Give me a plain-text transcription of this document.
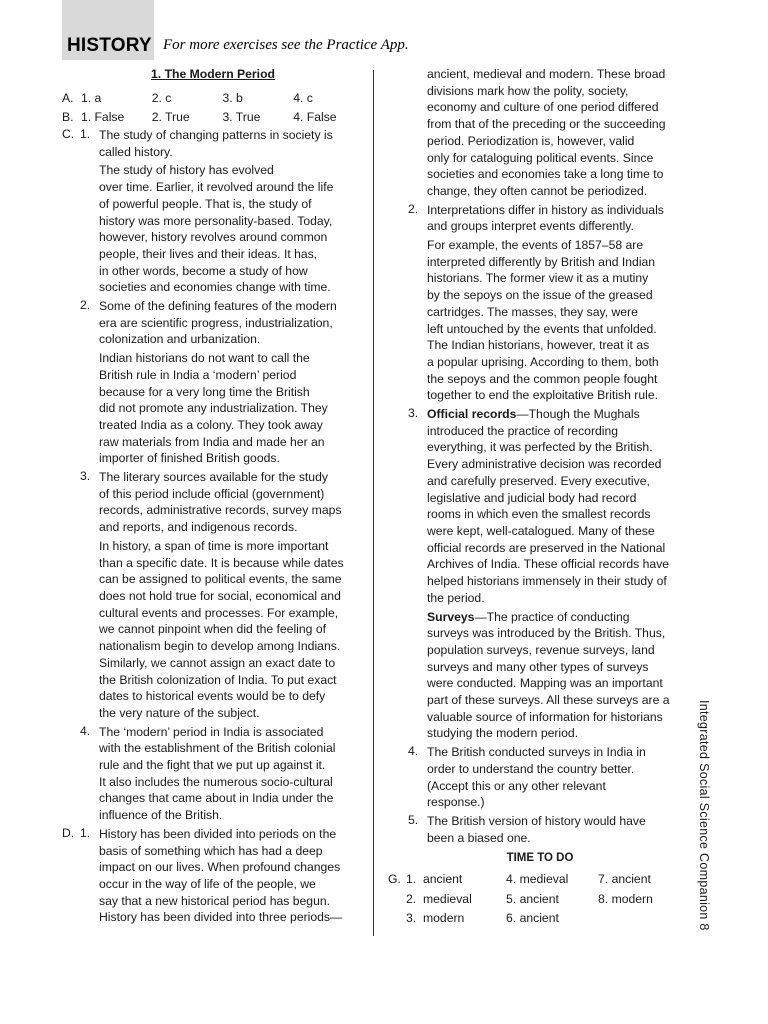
HISTORY For more exercises see the Practice App.
1. The Modern Period
A. 1. a	2. c	3. b	4. c
B. 1. False	2. True	3. True	4. False
C. 1. The study of changing patterns in society is
called history.
The study of history has evolved
over time. Earlier, it revolved around the life
of powerful people. That is, the study of
history was more personality-based. Today,
however, history revolves around common
people, their lives and their ideas. It has,
in other words, become a study of how
societies and economies change with time.
2. Some of the defining features of the modern
era are scientific progress, industrialization,
colonization and urbanization.
Indian historians do not want to call the
British rule in India a ‘modern’ period
because for a very long time the British
did not promote any industrialization. They
treated India as a colony. They took away
raw materials from India and made her an
importer of finished British goods.
3. The literary sources available for the study
of this period include official (government)
records, administrative records, survey maps
and reports, and indigenous records.
In history, a span of time is more important
than a specific date. It is because while dates
can be assigned to political events, the same
does not hold true for social, economical and
cultural events and processes. For example,
we cannot pinpoint when did the feeling of
nationalism begin to develop among Indians.
Similarly, we cannot assign an exact date to
the British colonization of India. To put exact
dates to historical events would be to defy
the very nature of the subject.
4. The ‘modern’ period in India is associated
with the establishment of the British colonial
rule and the fight that we put up against it.
It also includes the numerous socio-cultural
changes that came about in India under the
influence of the British.
D. 1. History has been divided into periods on the
basis of something which has had a deep
impact on our lives. When profound changes
occur in the way of life of the people, we
say that a new historical period has begun.
History has been divided into three periods—
ancient, medieval and modern. These broad
divisions mark how the polity, society,
economy and culture of one period differed
from that of the preceding or the succeeding
period. Periodization is, however, valid
only for cataloguing political events. Since
societies and economies take a long time to
change, they often cannot be periodized.
2. Interpretations differ in history as individuals
and groups interpret events differently.
For example, the events of 1857–58 are
interpreted differently by British and Indian
historians. The former view it as a mutiny
by the sepoys on the issue of the greased
cartridges. The masses, they say, were
left untouched by the events that unfolded.
The Indian historians, however, treat it as
a popular uprising. According to them, both
the sepoys and the common people fought
together to end the exploitative British rule.
3. Official records—Though the Mughals
introduced the practice of recording
everything, it was perfected by the British.
Every administrative decision was recorded
and carefully preserved. Every executive,
legislative and judicial body had record
rooms in which even the smallest records
were kept, well-catalogued. Many of these
official records are preserved in the National
Archives of India. These official records have
helped historians immensely in their study of
the period.
Surveys—The practice of conducting
surveys was introduced by the British. Thus,
population surveys, revenue surveys, land
surveys and many other types of surveys
were conducted. Mapping was an important
part of these surveys. All these surveys are a
valuable source of information for historians
studying the modern period.
4. The British conducted surveys in India in
order to understand the country better.
(Accept this or any other relevant
response.)
5. The British version of history would have
been a biased one.
TIME TO DO
G. 1. ancient	4. medieval	7. ancient
2. medieval	5. ancient	8. modern
3. modern	6. ancient	Integrated Social Science Companion 8
